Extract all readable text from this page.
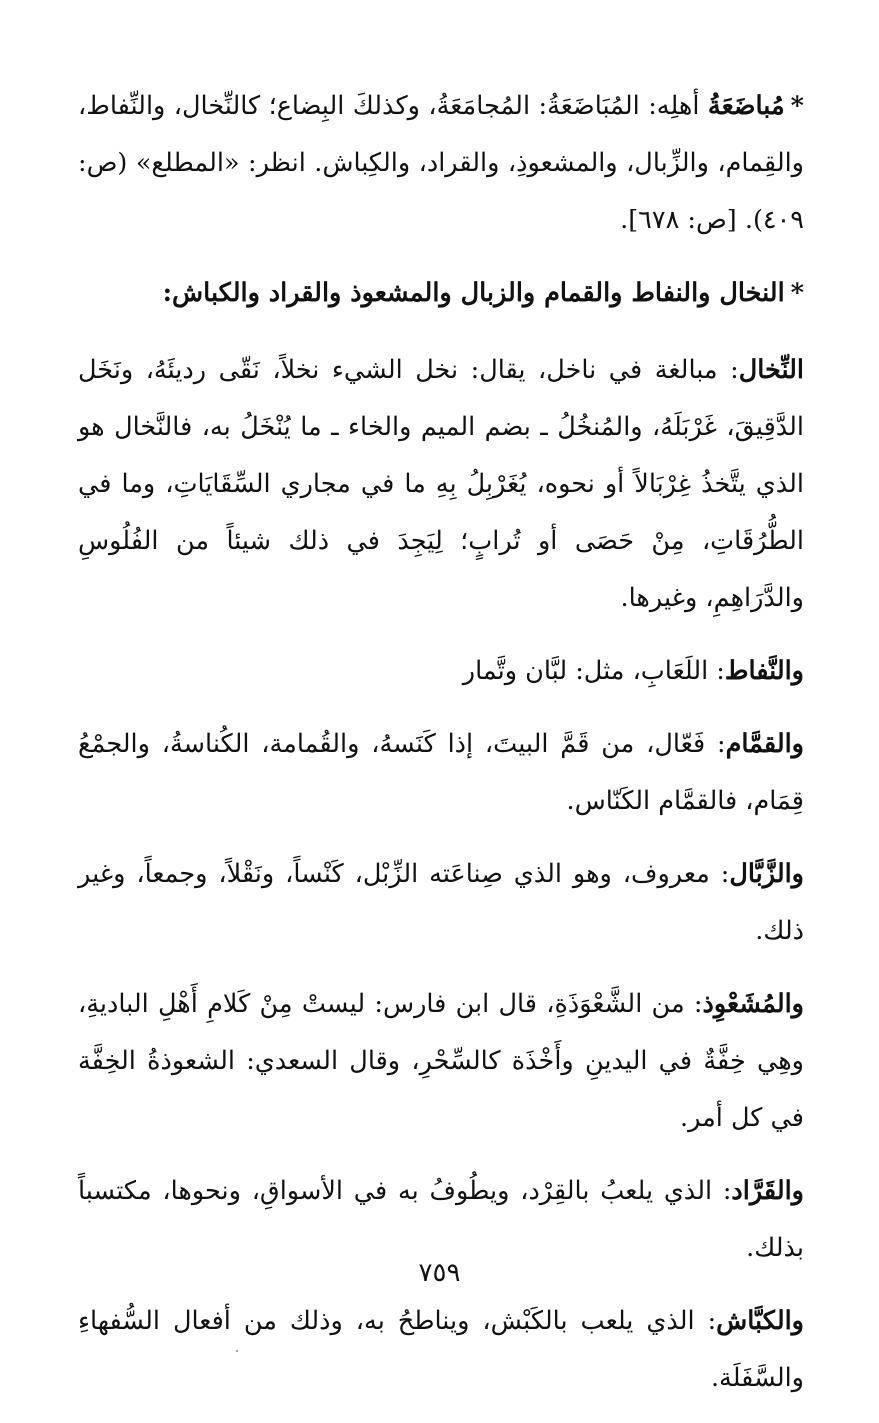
*مُباضَعَةُ أهلِه: المُبَاضَعَةُ: المُجامَعَةُ، وكذلكَ البِضاع؛ كالنِّخال، والنِّفاط، والقِمام، والزِّبال، والمشعوذِ، والقراد، والكِباش. انظر: «المطلع» (ص: ٤٠٩). [ص: ٦٧٨].

*النخال والنفاط والقمام والزبال والمشعوذ والقراد والكباش:

النِّخال: مبالغة في ناخل، يقال: نخل الشيء نخلاً، نَقّى رديئَهُ، ونَخَل الدَّقِيقَ، غَرْبَلَهُ، والمُنخُلُ ـ بضم الميم والخاء ـ ما يُنْخَلُ به، فالنَّخال هو الذي يتَّخذُ غِرْبَالاً أو نحوه، يُغَرْبِلُ بِهِ ما في مجاري السِّقَايَاتِ، وما في الطُّرُقَاتِ، مِنْ حَصَى أو تُرابٍ؛ لِيَجِدَ في ذلك شيئاً من الفُلُوسِ والدَّرَاهِمِ، وغيرها.

والنَّفاط: اللَعَابِ، مثل: لبَّان وتَّمار

والقمَّام: فَعّال، من قَمَّ البيتَ، إذا كَنَسهُ، والقُمامة، الكُناسةُ، والجمْعُ قِمَام، فالقمَّام الكَنّاس.

والزَّبَّال: معروف، وهو الذي صِناعَته الزِّبْل، كَنْساً، ونَقْلاً، وجمعاً، وغير ذلك.

والمُشَعْوِذ: من الشَّعْوَذَةِ، قال ابن فارس: ليستْ مِنْ كَلامِ أَهْلِ الباديةِ، وهِي خِفَّةٌ في اليدينِ وأَخْذَة كالسِّحْرِ، وقال السعدي: الشعوذةُ الخِفَّة في كل أمر.

والقَرَّاد: الذي يلعبُ بالقِرْد، ويطُوفُ به في الأسواقِ، ونحوها، مكتسباً بذلك.

والكبَّاش: الذي يلعب بالكَبْش، ويناطحُ به، وذلك من أفعال السُّفهاءِ والسَّفَلَة.

٧٥٩
